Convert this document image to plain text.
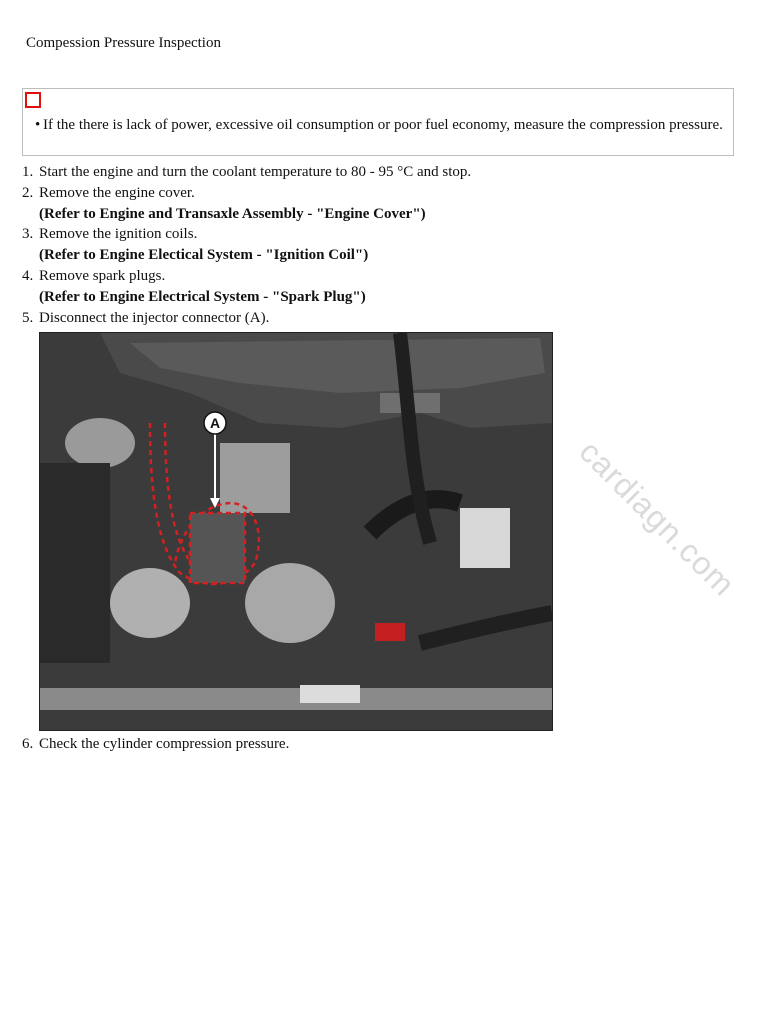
Compession Pressure Inspection
• If the there is lack of power, excessive oil consumption or poor fuel economy, measure the compression pressure.
1. Start the engine and turn the coolant temperature to 80 - 95 °C and stop.
2. Remove the engine cover.
(Refer to Engine and Transaxle Assembly - "Engine Cover")
3. Remove the ignition coils.
(Refer to Engine Electical System - "Ignition Coil")
4. Remove spark plugs.
(Refer to Engine Electrical System - "Spark Plug")
5. Disconnect the injector connector (A).
A
6. Check the cylinder compression pressure.
cardiagn.com
